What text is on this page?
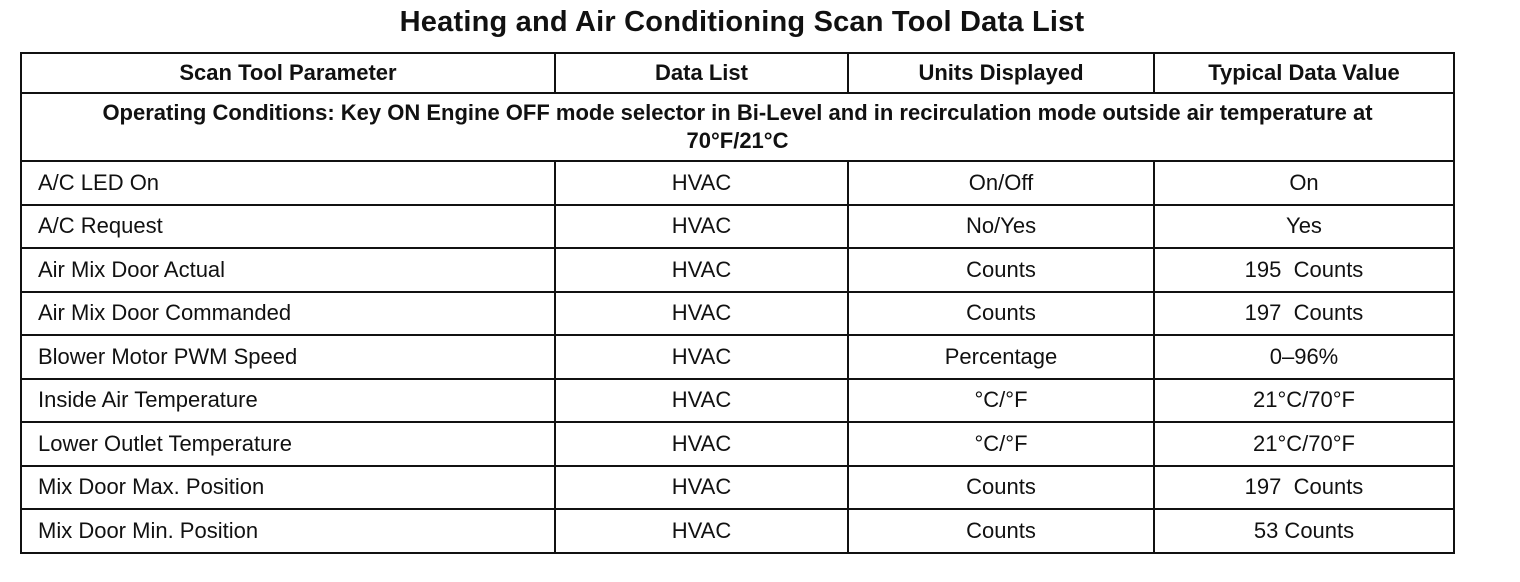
Heating and Air Conditioning Scan Tool Data List
Scan Tool Parameter	Data List	Units Displayed	Typical Data Value
Operating Conditions: Key ON Engine OFF mode selector in Bi-Level and in recirculation mode outside air temperature at 70°F/21°C			
A/C LED On	HVAC	On/Off	On
A/C Request	HVAC	No/Yes	Yes
Air Mix Door Actual	HVAC	Counts	195  Counts
Air Mix Door Commanded	HVAC	Counts	197  Counts
Blower Motor PWM Speed	HVAC	Percentage	0–96%
Inside Air Temperature	HVAC	°C/°F	21°C/70°F
Lower Outlet Temperature	HVAC	°C/°F	21°C/70°F
Mix Door Max. Position	HVAC	Counts	197  Counts
Mix Door Min. Position	HVAC	Counts	53 Counts
